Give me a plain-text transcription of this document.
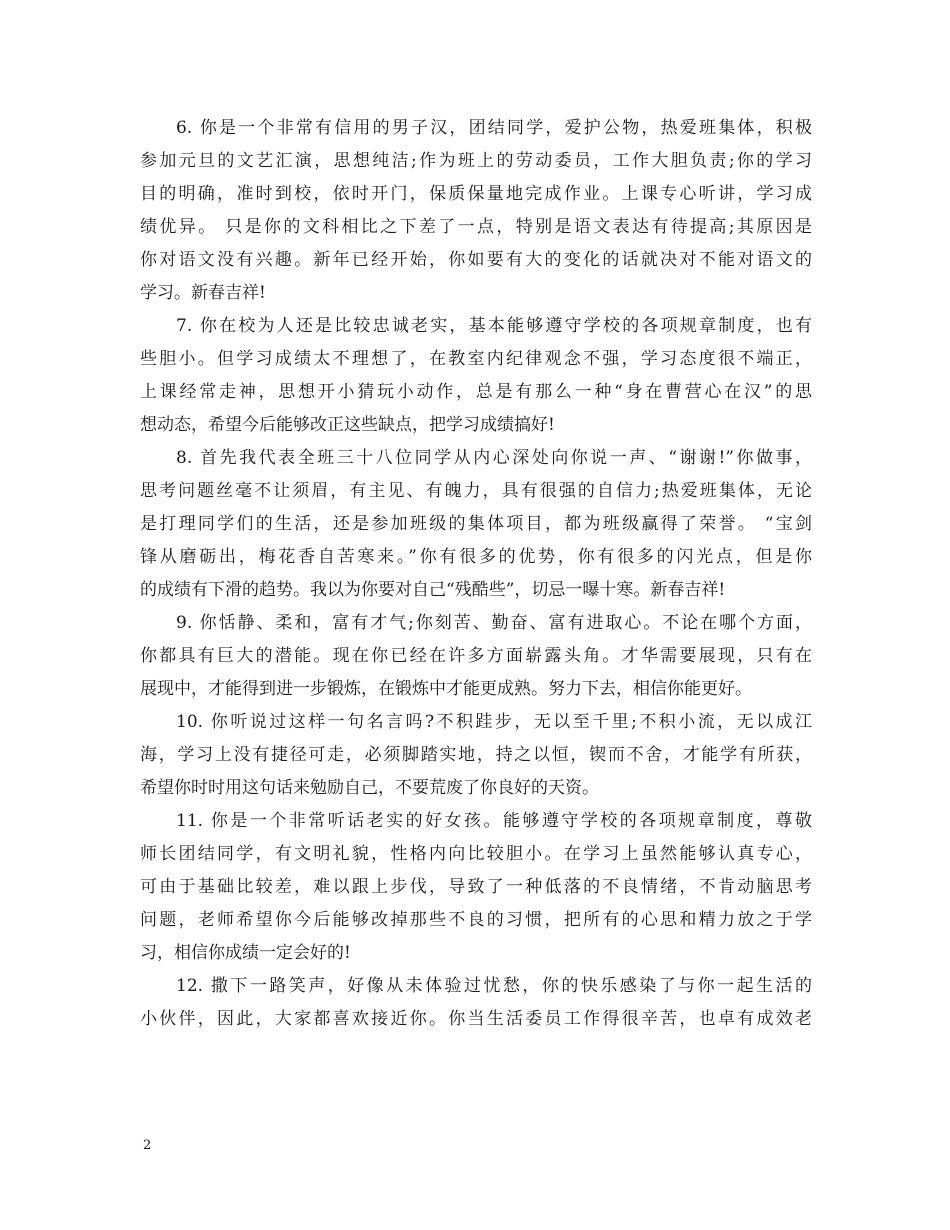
6. 你是一个非常有信用的男子汉，团结同学，爱护公物，热爱班集体，积极
参加元旦的文艺汇演，思想纯洁;作为班上的劳动委员，工作大胆负责;你的学习
目的明确，准时到校，依时开门，保质保量地完成作业。上课专心听讲，学习成
绩优异。 只是你的文科相比之下差了一点，特别是语文表达有待提高;其原因是
你对语文没有兴趣。新年已经开始，你如要有大的变化的话就决对不能对语文的
学习。新春吉祥!
7. 你在校为人还是比较忠诚老实，基本能够遵守学校的各项规章制度，也有
些胆小。但学习成绩太不理想了，在教室内纪律观念不强，学习态度很不端正，
上课经常走神，思想开小猜玩小动作，总是有那么一种“身在曹营心在汉”的思
想动态，希望今后能够改正这些缺点，把学习成绩搞好!
8. 首先我代表全班三十八位同学从内心深处向你说一声、“谢谢!”你做事，
思考问题丝毫不让须眉，有主见、有魄力，具有很强的自信力;热爱班集体，无论
是打理同学们的生活，还是参加班级的集体项目，都为班级赢得了荣誉。 “宝剑
锋从磨砺出，梅花香自苦寒来。”你有很多的优势，你有很多的闪光点，但是你
的成绩有下滑的趋势。我以为你要对自己“残酷些”，切忌一曝十寒。新春吉祥!
9. 你恬静、柔和，富有才气;你刻苦、勤奋、富有进取心。不论在哪个方面，
你都具有巨大的潜能。现在你已经在许多方面崭露头角。才华需要展现，只有在
展现中，才能得到进一步锻炼，在锻炼中才能更成熟。努力下去，相信你能更好。
10. 你听说过这样一句名言吗?不积跬步，无以至千里;不积小流，无以成江
海，学习上没有捷径可走，必须脚踏实地，持之以恒，锲而不舍，才能学有所获，
希望你时时用这句话来勉励自己，不要荒废了你良好的天资。
11. 你是一个非常听话老实的好女孩。能够遵守学校的各项规章制度，尊敬
师长团结同学，有文明礼貌，性格内向比较胆小。在学习上虽然能够认真专心，
可由于基础比较差，难以跟上步伐，导致了一种低落的不良情绪，不肯动脑思考
问题，老师希望你今后能够改掉那些不良的习惯，把所有的心思和精力放之于学
习，相信你成绩一定会好的!
12. 撒下一路笑声，好像从未体验过忧愁，你的快乐感染了与你一起生活的
小伙伴，因此，大家都喜欢接近你。你当生活委员工作得很辛苦，也卓有成效老
2
